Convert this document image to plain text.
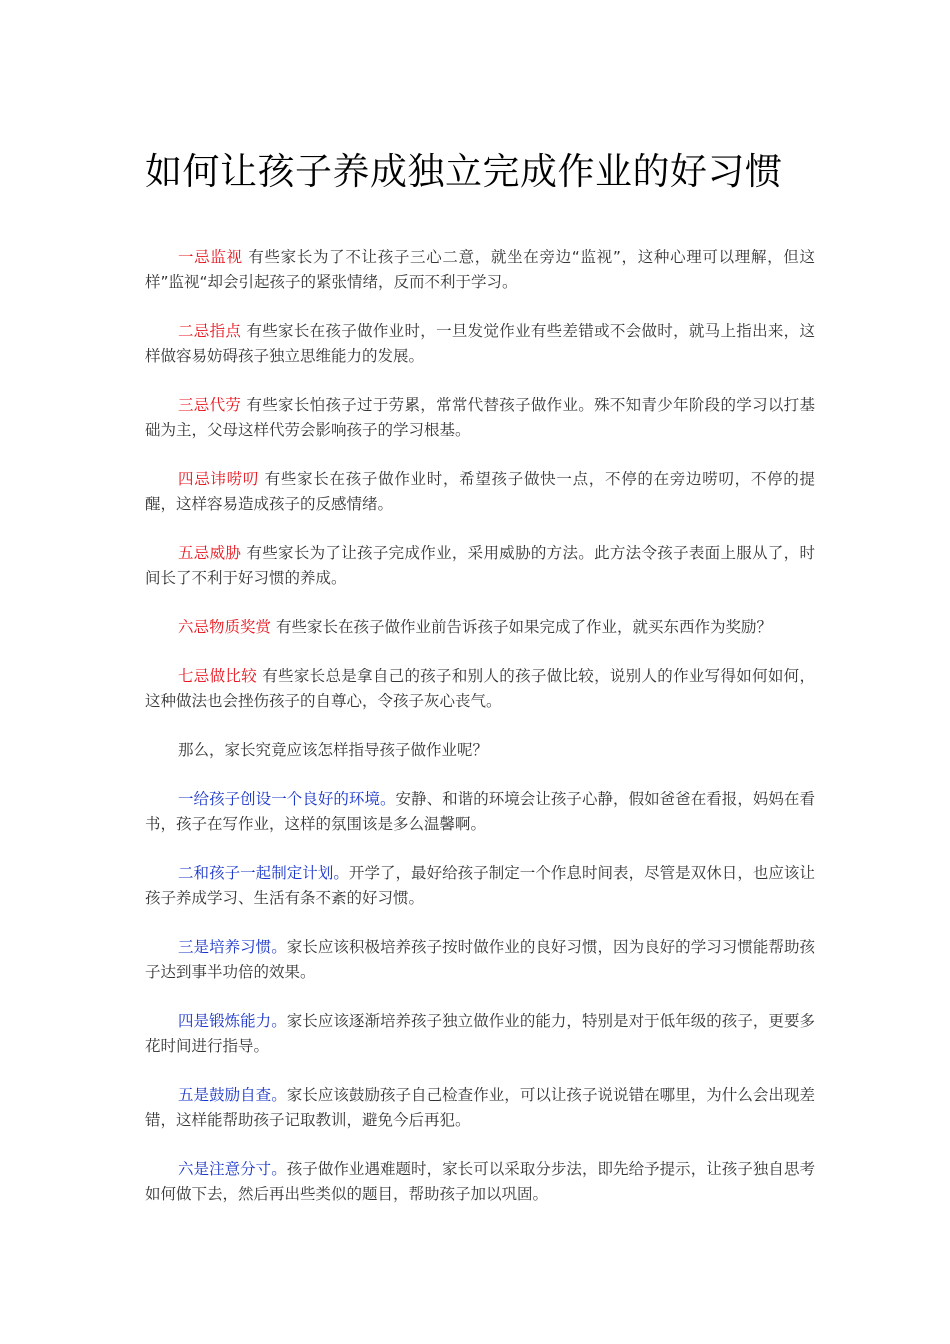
如何让孩子养成独立完成作业的好习惯

一忌监视 有些家长为了不让孩子三心二意，就坐在旁边“监视”，这种心理可以理解，但这样”监视“却会引起孩子的紧张情绪，反而不利于学习。

二忌指点 有些家长在孩子做作业时，一旦发觉作业有些差错或不会做时，就马上指出来，这样做容易妨碍孩子独立思维能力的发展。

三忌代劳 有些家长怕孩子过于劳累，常常代替孩子做作业。殊不知青少年阶段的学习以打基础为主，父母这样代劳会影响孩子的学习根基。

四忌讳唠叨 有些家长在孩子做作业时，希望孩子做快一点，不停的在旁边唠叨，不停的提醒，这样容易造成孩子的反感情绪。

五忌威胁 有些家长为了让孩子完成作业，采用威胁的方法。此方法令孩子表面上服从了，时间长了不利于好习惯的养成。

六忌物质奖赏 有些家长在孩子做作业前告诉孩子如果完成了作业，就买东西作为奖励？

七忌做比较 有些家长总是拿自己的孩子和别人的孩子做比较，说别人的作业写得如何如何，这种做法也会挫伤孩子的自尊心，令孩子灰心丧气。

那么，家长究竟应该怎样指导孩子做作业呢？

一给孩子创设一个良好的环境。安静、和谐的环境会让孩子心静，假如爸爸在看报，妈妈在看书，孩子在写作业，这样的氛围该是多么温馨啊。

二和孩子一起制定计划。开学了，最好给孩子制定一个作息时间表，尽管是双休日，也应该让孩子养成学习、生活有条不紊的好习惯。

三是培养习惯。家长应该积极培养孩子按时做作业的良好习惯，因为良好的学习习惯能帮助孩子达到事半功倍的效果。

四是锻炼能力。家长应该逐渐培养孩子独立做作业的能力，特别是对于低年级的孩子，更要多花时间进行指导。

五是鼓励自查。家长应该鼓励孩子自己检查作业，可以让孩子说说错在哪里，为什么会出现差错，这样能帮助孩子记取教训，避免今后再犯。

六是注意分寸。孩子做作业遇难题时，家长可以采取分步法，即先给予提示，让孩子独自思考如何做下去，然后再出些类似的题目，帮助孩子加以巩固。
